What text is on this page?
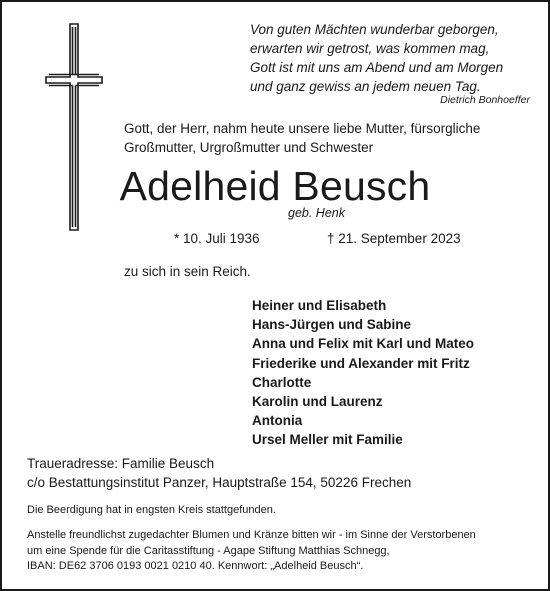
Von guten Mächten wunderbar geborgen,
erwarten wir getrost, was kommen mag,
Gott ist mit uns am Abend und am Morgen
und ganz gewiss an jedem neuen Tag.
Dietrich Bonhoeffer
Gott, der Herr, nahm heute unsere liebe Mutter, fürsorgliche
Großmutter, Urgroßmutter und Schwester
Adelheid Beusch
geb. Henk
* 10. Juli 1936	† 21. September 2023
zu sich in sein Reich.
Heiner und Elisabeth
Hans-Jürgen und Sabine
Anna und Felix mit Karl und Mateo
Friederike und Alexander mit Fritz
Charlotte
Karolin und Laurenz
Antonia
Ursel Meller mit Familie
Traueradresse: Familie Beusch
c/o Bestattungsinstitut Panzer, Hauptstraße 154, 50226 Frechen
Die Beerdigung hat in engsten Kreis stattgefunden.
Anstelle freundlichst zugedachter Blumen und Kränze bitten wir - im Sinne der Verstorbenen
um eine Spende für die Caritasstiftung - Agape Stiftung Matthias Schnegg,
IBAN: DE62 3706 0193 0021 0210 40. Kennwort: „Adelheid Beusch“.
